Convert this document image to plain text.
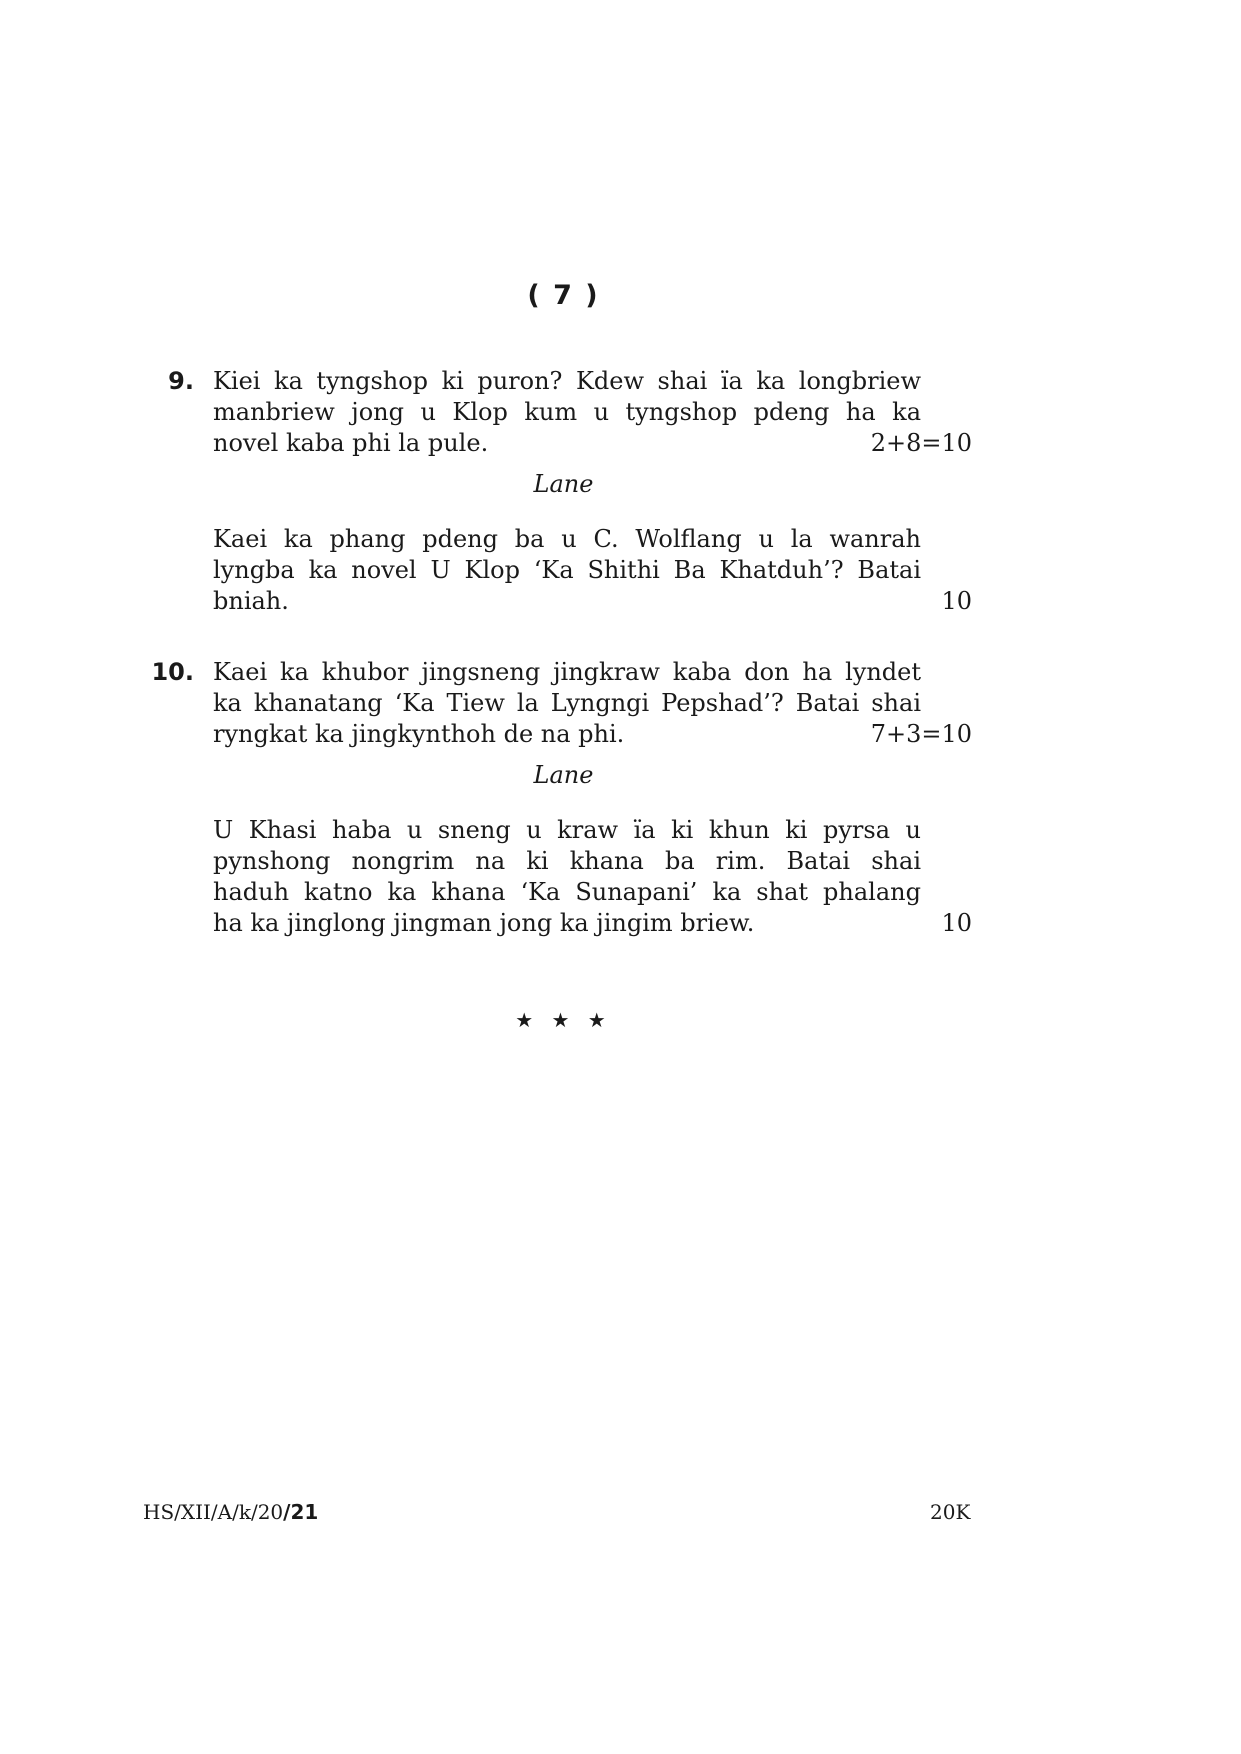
( 7 )
9. Kiei ka tyngshop ki puron? Kdew shai ïa ka longbriew
manbriew jong u Klop kum u tyngshop pdeng ha ka
novel kaba phi la pule.	2+8=10
Lane
Kaei ka phang pdeng ba u C. Wolflang u la wanrah
lyngba ka novel U Klop ‘Ka Shithi Ba Khatduh’? Batai
bniah.	10
10. Kaei ka khubor jingsneng jingkraw kaba don ha lyndet
ka khanatang ‘Ka Tiew la Lyngngi Pepshad’? Batai shai
ryngkat ka jingkynthoh de na phi.	7+3=10
Lane
U Khasi haba u sneng u kraw ïa ki khun ki pyrsa u
pynshong nongrim na ki khana ba rim. Batai shai
haduh katno ka khana ‘Ka Sunapani’ ka shat phalang
ha ka jinglong jingman jong ka jingim briew.	10
★ ★ ★
HS/XII/A/k/20/21	20K
